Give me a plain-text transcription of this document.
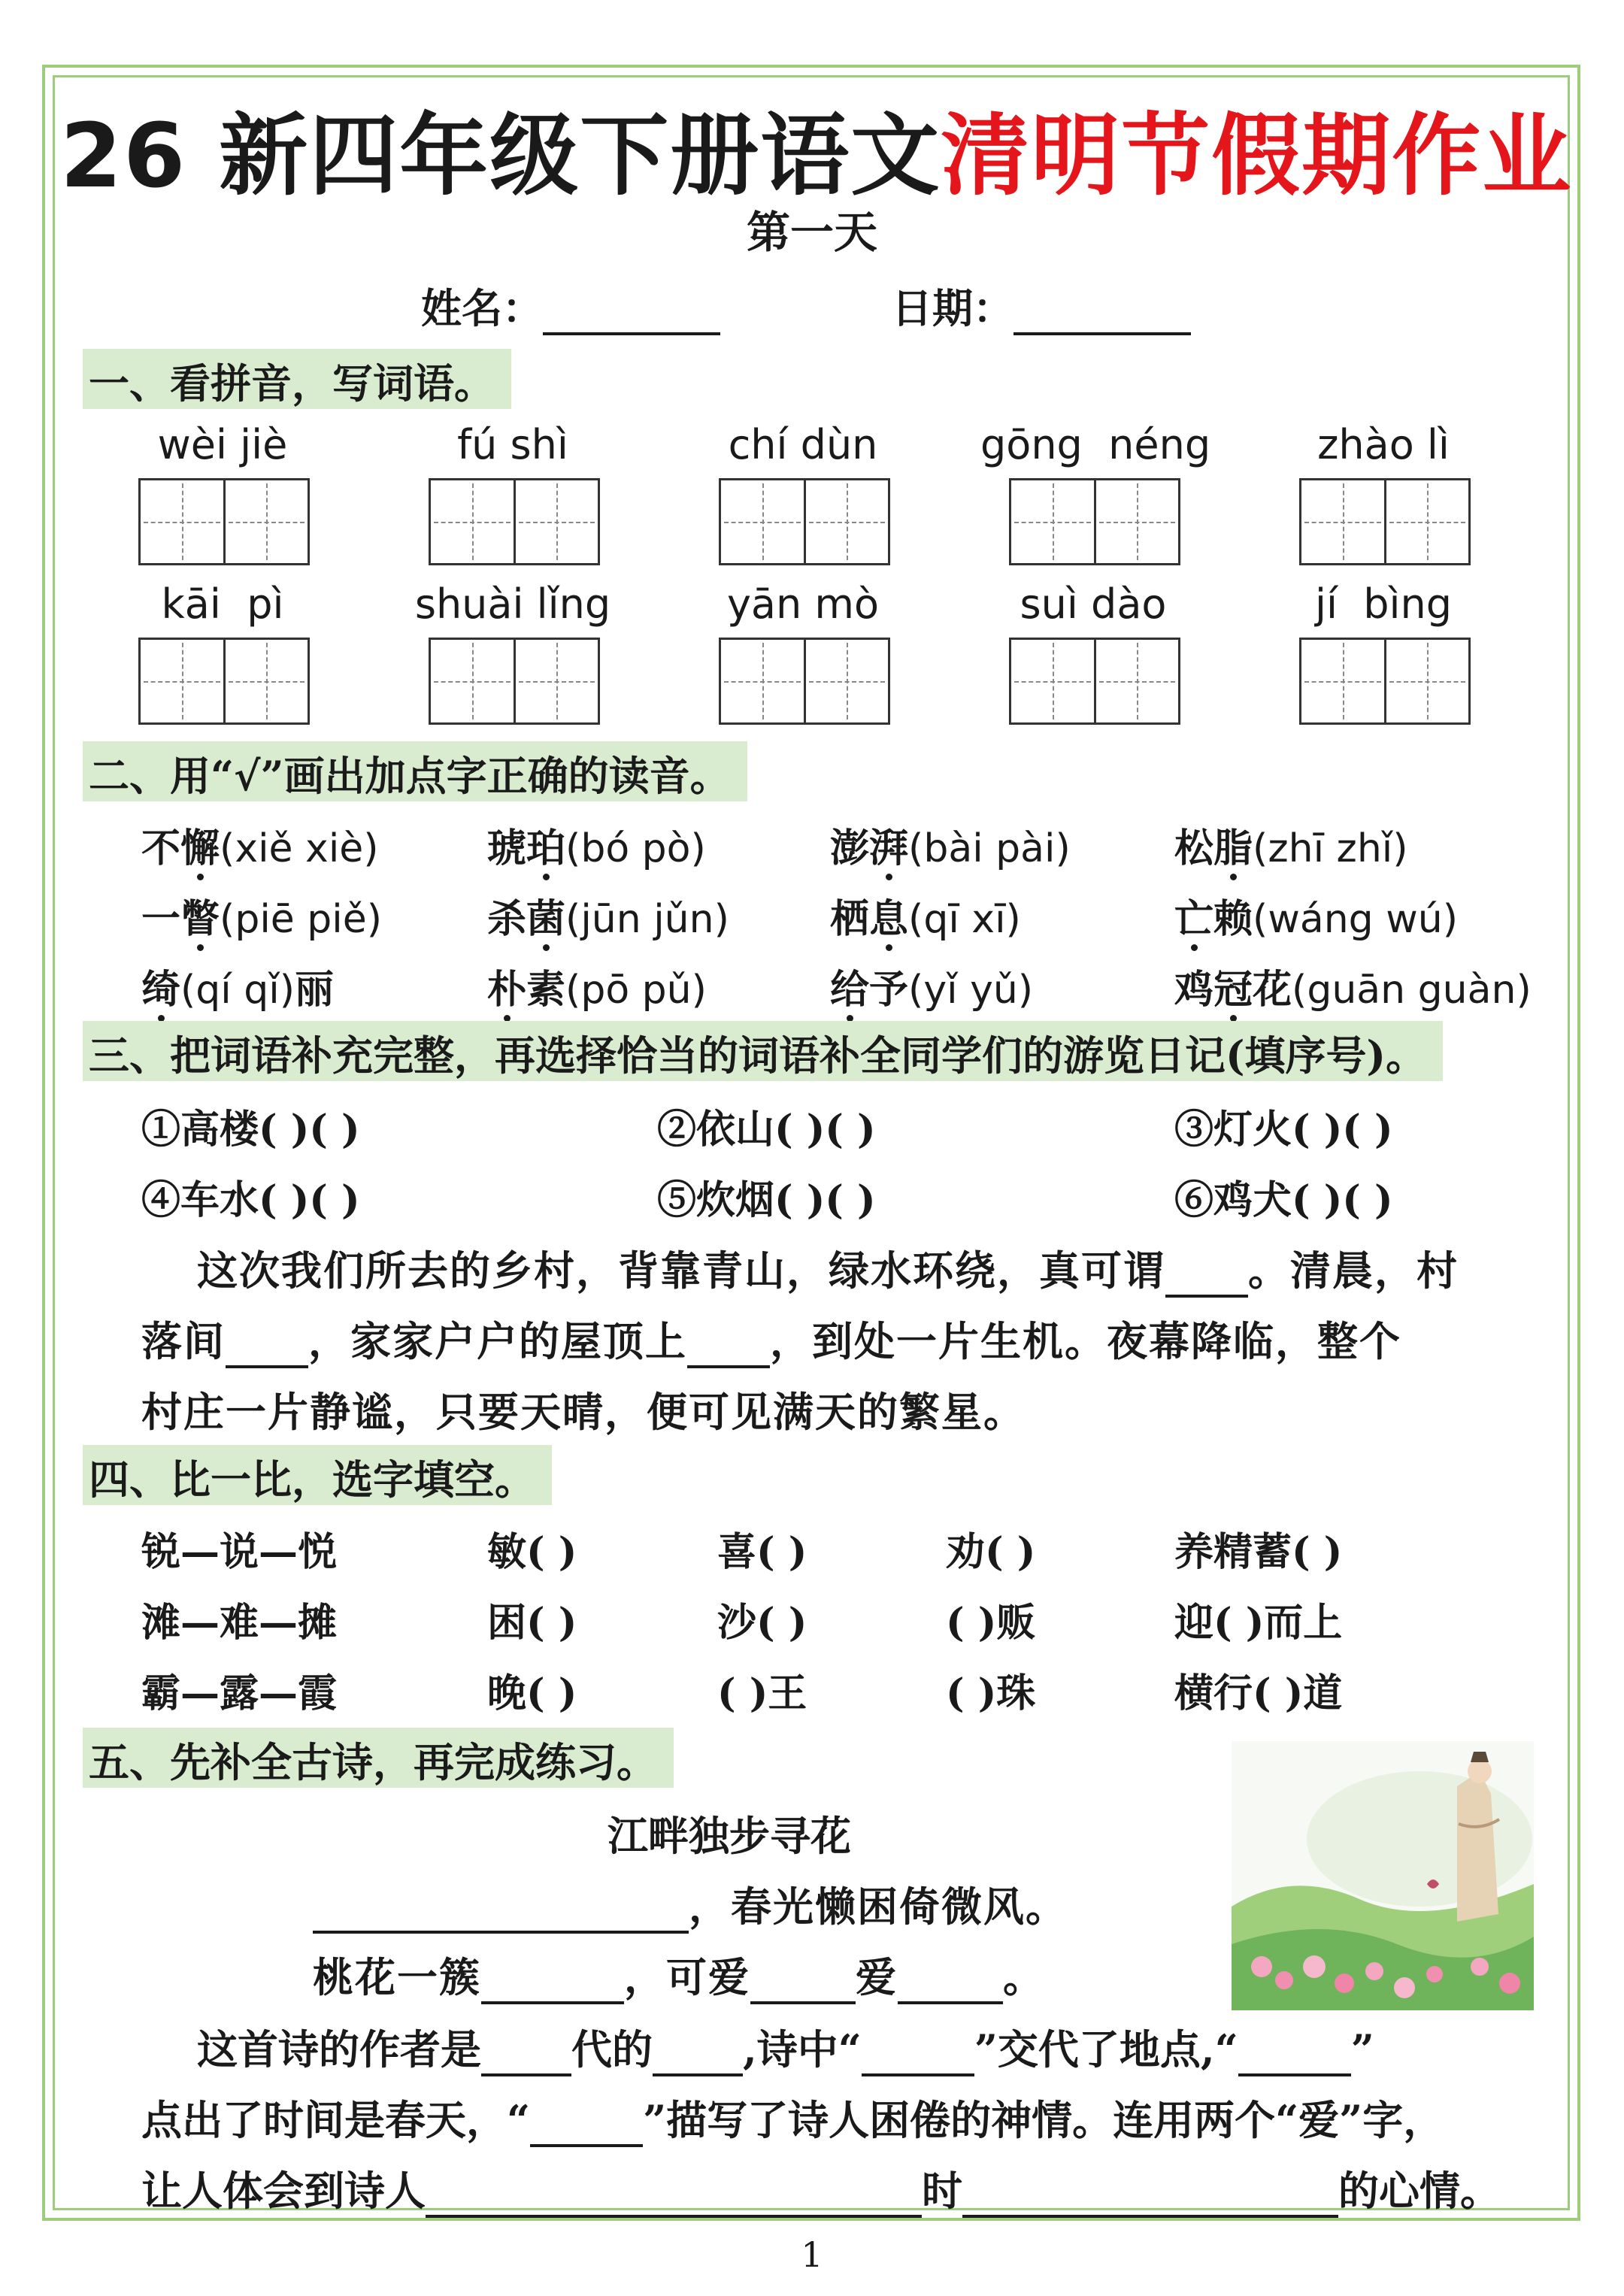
26 新四年级下册语文清明节假期作业
第一天
姓名：	日期：
一、看拼音，写词语。
wèi jiè	fú shì	chí dùn	gōng  néng	zhào lì
kāi  pì	shuài lǐng	yān mò	suì dào	jí  bìng
二、用“√”画出加点字正确的读音。
不懈(xiě xiè)	琥珀(bó pò)	澎湃(bài pài)	松脂(zhī zhǐ)
一瞥(piē piě)	杀菌(jūn jǔn)	栖息(qī xī)	亡赖(wáng wú)
绮(qí qǐ)丽	朴素(pō pǔ)	给予(yǐ yǔ)	鸡冠花(guān guàn)
三、把词语补充完整，再选择恰当的词语补全同学们的游览日记(填序号)。
①高楼( )( )	②依山( )( )	③灯火( )( )
④车水( )( )	⑤炊烟( )( )	⑥鸡犬( )( )
这次我们所去的乡村，背靠青山，绿水环绕，真可谓 。清晨，村
落间 ，家家户户的屋顶上 ，到处一片生机。夜幕降临，整个
村庄一片静谧，只要天晴，便可见满天的繁星。
四、比一比，选字填空。
锐—说—悦	敏( )	喜( )	劝( )	养精蓄( )
滩—难—摊	困( )	沙( )	( )贩	迎( )而上
霸—露—霞	晚( )	( )王	( )珠	横行( )道
五、先补全古诗，再完成练习。
江畔独步寻花
，春光懒困倚微风。
桃花一簇	，可爱	爱	。
这首诗的作者是 代的 ,诗中“	”交代了地点,“	”
点出了时间是春天，“	”描写了诗人困倦的神情。连用两个“爱”字，
让人体会到诗人	时	的心情。
1
